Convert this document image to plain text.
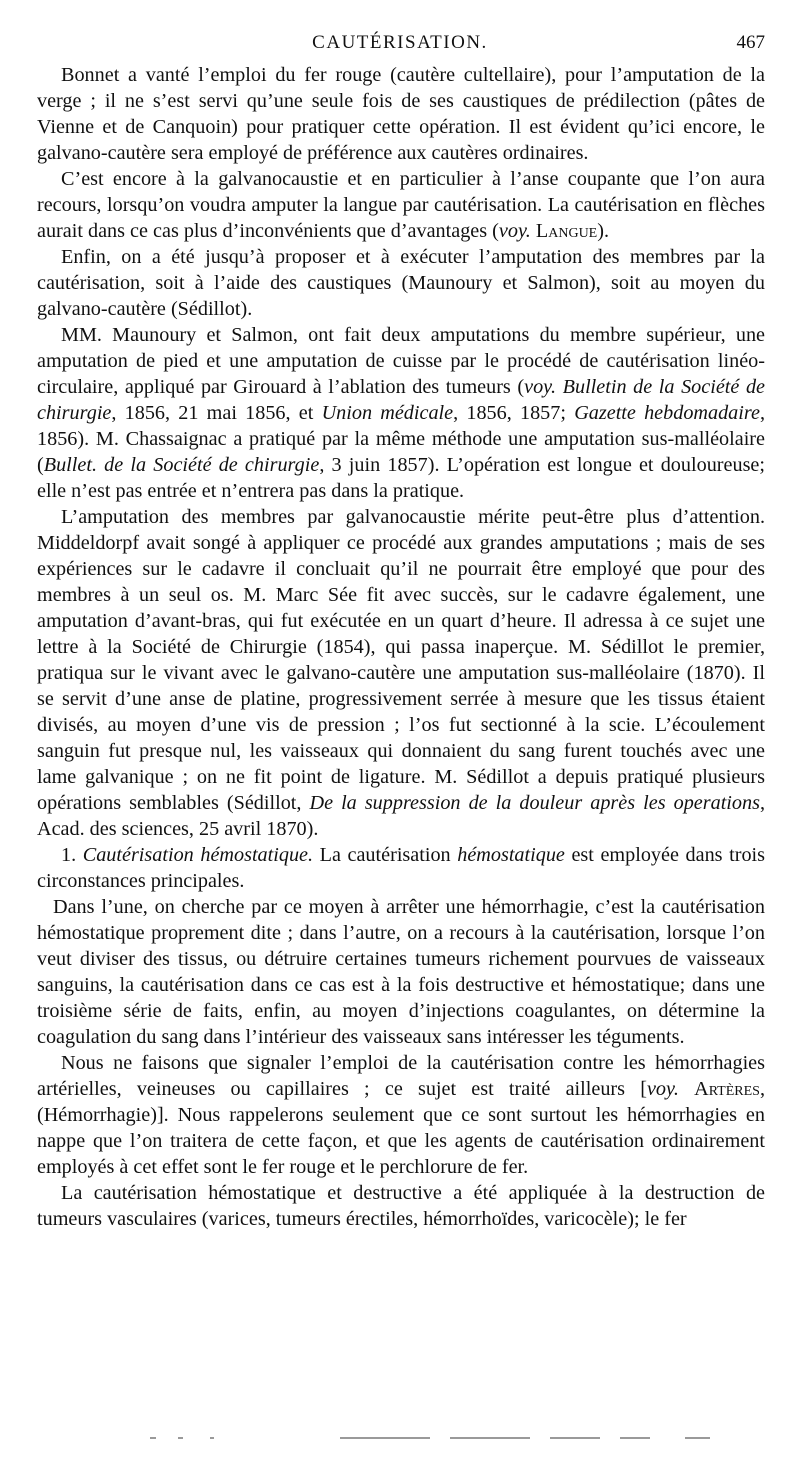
CAUTÉRISATION.	467

Bonnet a vanté l’emploi du fer rouge (cautère cultellaire), pour l’amputation de la verge ; il ne s’est servi qu’une seule fois de ses caustiques de prédilection (pâtes de Vienne et de Canquoin) pour pratiquer cette opération. Il est évident qu’ici encore, le galvano-cautère sera employé de préférence aux cautères ordinaires.

C’est encore à la galvanocaustie et en particulier à l’anse coupante que l’on aura recours, lorsqu’on voudra amputer la langue par cautérisation. La cautérisation en flèches aurait dans ce cas plus d’inconvénients que d’avantages (voy. Langue).

Enfin, on a été jusqu’à proposer et à exécuter l’amputation des membres par la cautérisation, soit à l’aide des caustiques (Maunoury et Salmon), soit au moyen du galvano-cautère (Sédillot).

MM. Maunoury et Salmon, ont fait deux amputations du membre supérieur, une amputation de pied et une amputation de cuisse par le procédé de cautérisation linéo-circulaire, appliqué par Girouard à l’ablation des tumeurs (voy. Bulletin de la Société de chirurgie, 1856, 21 mai 1856, et Union médicale, 1856, 1857; Gazette hebdomadaire, 1856). M. Chassaignac a pratiqué par la même méthode une amputation sus-malléolaire (Bullet. de la Société de chirurgie, 3 juin 1857). L’opération est longue et douloureuse; elle n’est pas entrée et n’entrera pas dans la pratique.

L’amputation des membres par galvanocaustie mérite peut-être plus d’attention. Middeldorpf avait songé à appliquer ce procédé aux grandes amputations ; mais de ses expériences sur le cadavre il concluait qu’il ne pourrait être employé que pour des membres à un seul os. M. Marc Sée fit avec succès, sur le cadavre également, une amputation d’avant-bras, qui fut exécutée en un quart d’heure. Il adressa à ce sujet une lettre à la Société de Chirurgie (1854), qui passa inaperçue. M. Sédillot le premier, pratiqua sur le vivant avec le galvano-cautère une amputation sus-malléolaire (1870). Il se servit d’une anse de platine, progressivement serrée à mesure que les tissus étaient divisés, au moyen d’une vis de pression ; l’os fut sectionné à la scie. L’écoulement sanguin fut presque nul, les vaisseaux qui donnaient du sang furent touchés avec une lame galvanique ; on ne fit point de ligature. M. Sédillot a depuis pratiqué plusieurs opérations semblables (Sédillot, De la suppression de la douleur après les operations, Acad. des sciences, 25 avril 1870).

1. Cautérisation hémostatique. La cautérisation hémostatique est employée dans trois circonstances principales.

Dans l’une, on cherche par ce moyen à arrêter une hémorrhagie, c’est la cautérisation hémostatique proprement dite ; dans l’autre, on a recours à la cautérisation, lorsque l’on veut diviser des tissus, ou détruire certaines tumeurs richement pourvues de vaisseaux sanguins, la cautérisation dans ce cas est à la fois destructive et hémostatique; dans une troisième série de faits, enfin, au moyen d’injections coagulantes, on détermine la coagulation du sang dans l’intérieur des vaisseaux sans intéresser les téguments.

Nous ne faisons que signaler l’emploi de la cautérisation contre les hémorrhagies artérielles, veineuses ou capillaires ; ce sujet est traité ailleurs [voy. Artères, (Hémorrhagie)]. Nous rappelerons seulement que ce sont surtout les hémorrhagies en nappe que l’on traitera de cette façon, et que les agents de cautérisation ordinairement employés à cet effet sont le fer rouge et le perchlorure de fer.

La cautérisation hémostatique et destructive a été appliquée à la destruction de tumeurs vasculaires (varices, tumeurs érectiles, hémorrhoïdes, varicocèle); le fer
